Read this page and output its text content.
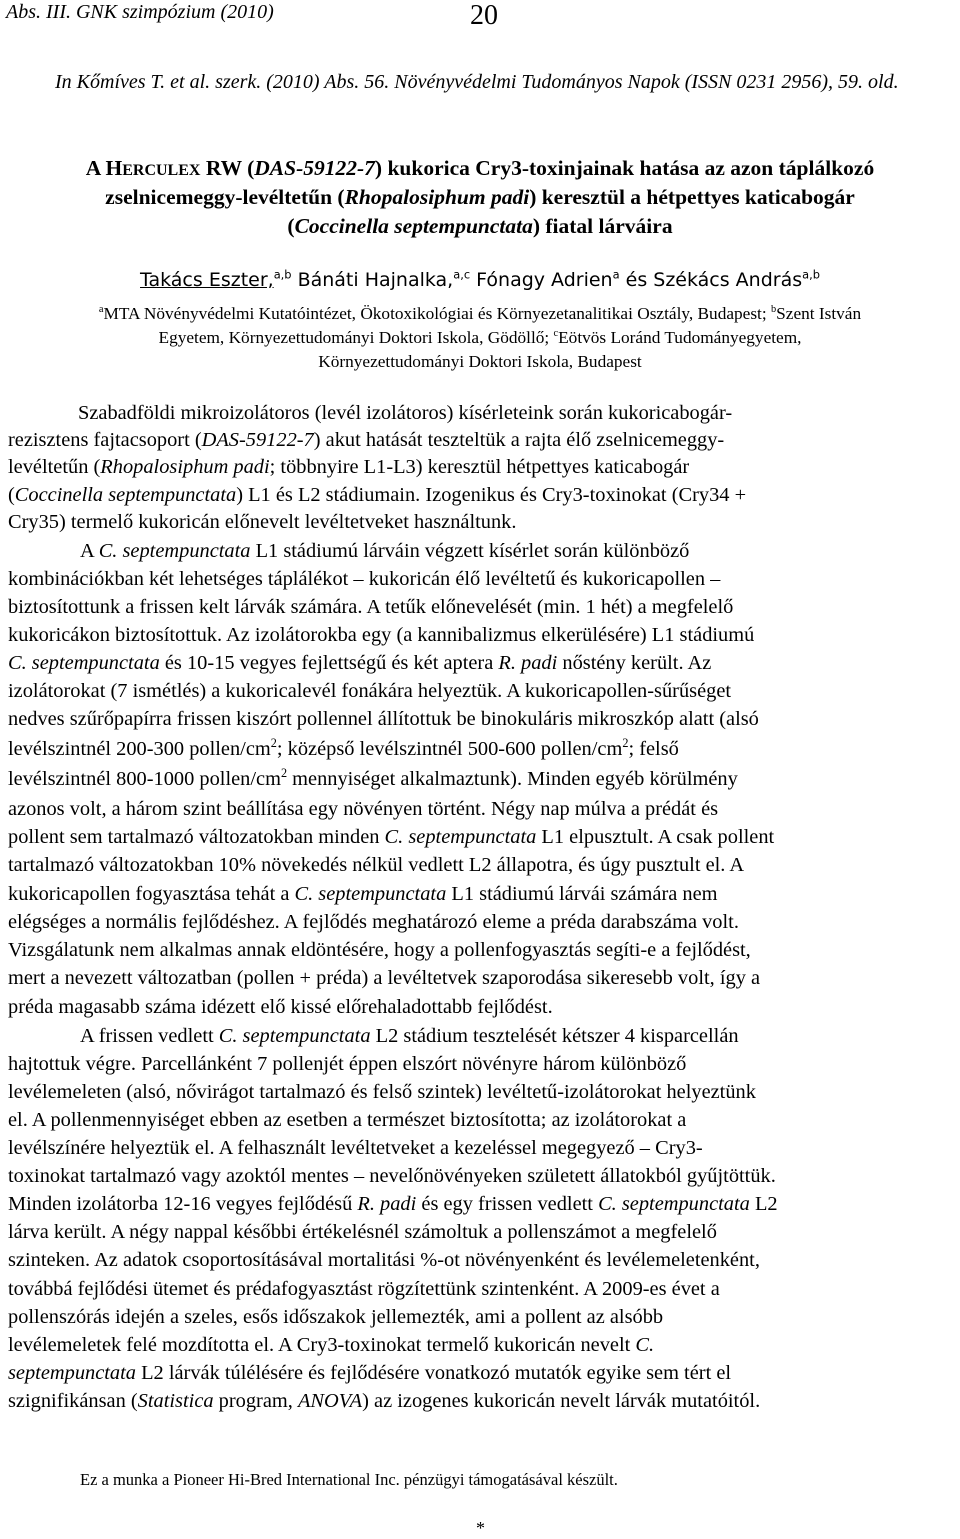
Abs. III. GNK szimpózium (2010)	20
In Kőmíves T. et al. szerk. (2010) Abs. 56. Növényvédelmi Tudományos Napok (ISSN 0231 2956), 59. old.
A HERCULEX RW (DAS-59122-7) kukorica Cry3-toxinjainak hatása az azon táplálkozó
zselnicemeggy-levéltetűn (Rhopalosiphum padi) keresztül a hétpettyes katicabogár
(Coccinella septempunctata) fiatal lárváira
Takács Eszter,$^{a,b}$ Bánáti Hajnalka,$^{a,c}$ Fónagy Adrien$^a$ és Székács András$^{a,b}$
$^a$MTA Növényvédelmi Kutatóintézet, Ökotoxikológiai és Környezetanalitikai Osztály, Budapest; $^b$Szent István
Egyetem, Környezettudományi Doktori Iskola, Gödöllő; $^c$Eötvös Loránd Tudományegyetem,
Környezettudományi Doktori Iskola, Budapest
Szabadföldi mikroizolátoros (levél izolátoros) kísérleteink során kukoricabogár-
rezisztens fajtacsoport (DAS-59122-7) akut hatását teszteltük a rajta élő zselnicemeggy-
levéltetűn (Rhopalosiphum padi; többnyire L1-L3) keresztül hétpettyes katicabogár
(Coccinella septempunctata) L1 és L2 stádiumain. Izogenikus és Cry3-toxinokat (Cry34 +
Cry35) termelő kukoricán előnevelt levéltetveket használtunk.
A C. septempunctata L1 stádiumú lárváin végzett kísérlet során különböző
kombinációkban két lehetséges táplálékot – kukoricán élő levéltetű és kukoricapollen –
biztosítottunk a frissen kelt lárvák számára. A tetűk előnevelését (min. 1 hét) a megfelelő
kukoricákon biztosítottuk. Az izolátorokba egy (a kannibalizmus elkerülésére) L1 stádiumú
C. septempunctata és 10-15 vegyes fejlettségű és két aptera R. padi nőstény került. Az
izolátorokat (7 ismétlés) a kukoricalevél fonákára helyeztük. A kukoricapollen-sűrűséget
nedves szűrőpapírra frissen kiszórt pollennel állítottuk be binokuláris mikroszkóp alatt (alsó
levélszintnél 200-300 pollen/$cm^2$; középső levélszintnél 500-600 pollen/$cm^2$; felső
levélszintnél 800-1000 pollen/$cm^2$ mennyiséget alkalmaztunk). Minden egyéb körülmény
azonos volt, a három szint beállítása egy növényen történt. Négy nap múlva a prédát és
pollent sem tartalmazó változatokban minden C. septempunctata L1 elpusztult. A csak pollent
tartalmazó változatokban 10% növekedés nélkül vedlett L2 állapotra, és úgy pusztult el. A
kukoricapollen fogyasztása tehát a C. septempunctata L1 stádiumú lárvái számára nem
elégséges a normális fejlődéshez. A fejlődés meghatározó eleme a préda darabszáma volt.
Vizsgálatunk nem alkalmas annak eldöntésére, hogy a pollenfogyasztás segíti-e a fejlődést,
mert a nevezett változatban (pollen + préda) a levéltetvek szaporodása sikeresebb volt, így a
préda magasabb száma idézett elő kissé előrehaladottabb fejlődést.
A frissen vedlett C. septempunctata L2 stádium tesztelését kétszer 4 kisparcellán
hajtottuk végre. Parcellánként 7 pollenjét éppen elszórt növényre három különböző
levélemeleten (alsó, nővirágot tartalmazó és felső szintek) levéltetű-izolátorokat helyeztünk
el. A pollenmennyiséget ebben az esetben a természet biztosította; az izolátorokat a
levélszínére helyeztük el. A felhasznált levéltetveket a kezeléssel megegyező – Cry3-
toxinokat tartalmazó vagy azoktól mentes – nevelőnövényeken született állatokból gyűjtöttük.
Minden izolátorba 12-16 vegyes fejlődésű R. padi és egy frissen vedlett C. septempunctata L2
lárva került. A négy nappal későbbi értékelésnél számoltuk a pollenszámot a megfelelő
szinteken. Az adatok csoportosításával mortalitási %-ot növényenként és levélemeletenként,
továbbá fejlődési ütemet és prédafogyasztást rögzítettünk szintenként. A 2009-es évet a
pollenszórás idején a szeles, esős időszakok jellemezték, ami a pollent az alsóbb
levélemeletek felé mozdította el. A Cry3-toxinokat termelő kukoricán nevelt C.
septempunctata L2 lárvák túlélésére és fejlődésére vonatkozó mutatók egyike sem tért el
szignifikánsan (Statistica program, ANOVA) az izogenes kukoricán nevelt lárvák mutatóitól.
Ez a munka a Pioneer Hi-Bred International Inc. pénzügyi támogatásával készült.
*
